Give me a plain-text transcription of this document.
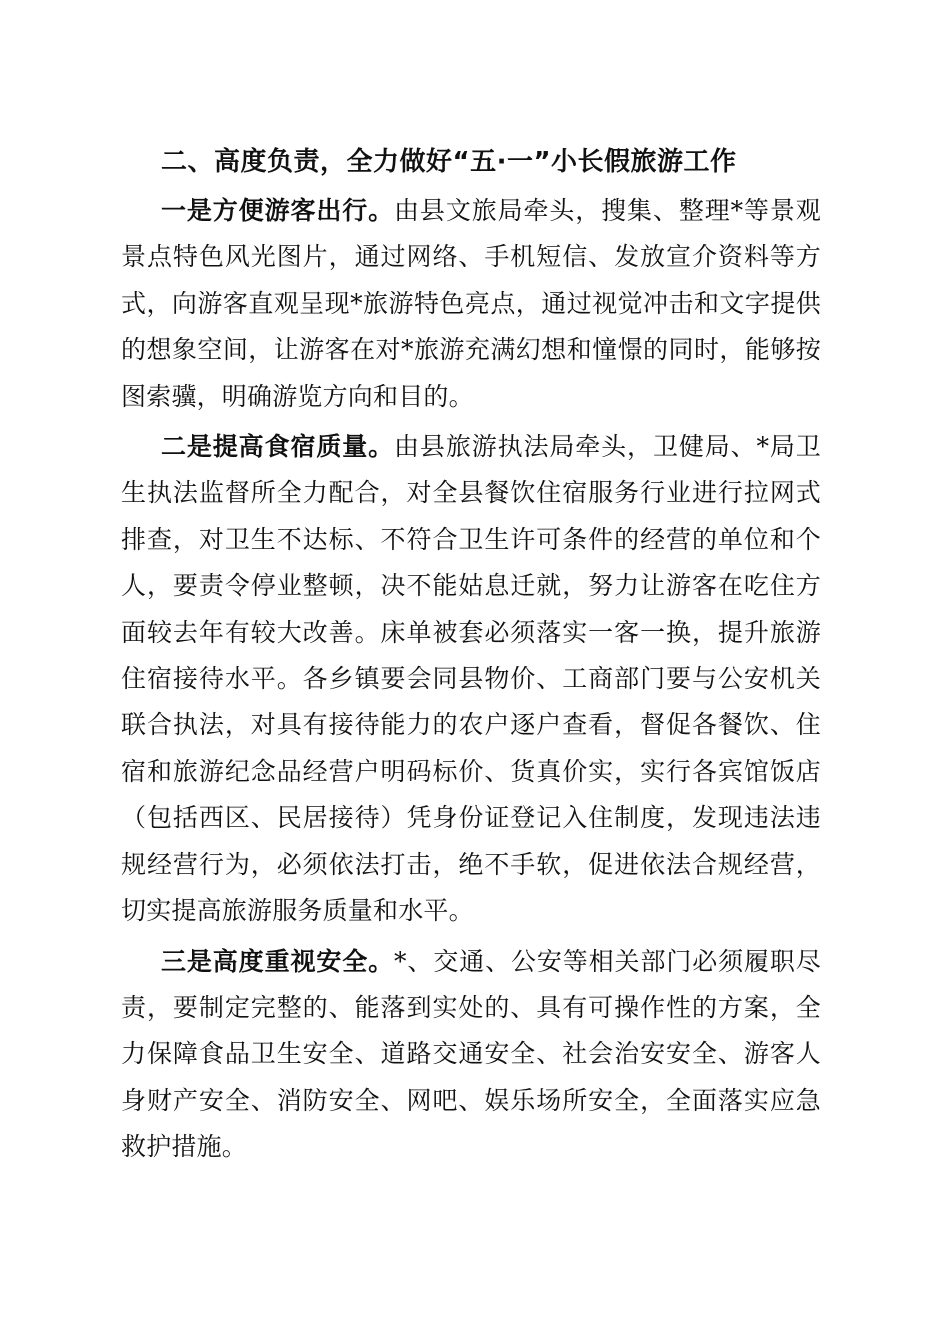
二、高度负责，全力做好“五·一”小长假旅游工作

一是方便游客出行。由县文旅局牵头，搜集、整理*等景观景点特色风光图片，通过网络、手机短信、发放宣介资料等方式，向游客直观呈现*旅游特色亮点，通过视觉冲击和文字提供的想象空间，让游客在对*旅游充满幻想和憧憬的同时，能够按图索骥，明确游览方向和目的。

二是提高食宿质量。由县旅游执法局牵头，卫健局、*局卫生执法监督所全力配合，对全县餐饮住宿服务行业进行拉网式排查，对卫生不达标、不符合卫生许可条件的经营的单位和个人，要责令停业整顿，决不能姑息迁就，努力让游客在吃住方面较去年有较大改善。床单被套必须落实一客一换，提升旅游住宿接待水平。各乡镇要会同县物价、工商部门要与公安机关联合执法，对具有接待能力的农户逐户查看，督促各餐饮、住宿和旅游纪念品经营户明码标价、货真价实，实行各宾馆饭店（包括西区、民居接待）凭身份证登记入住制度，发现违法违规经营行为，必须依法打击，绝不手软，促进依法合规经营，切实提高旅游服务质量和水平。

三是高度重视安全。*、交通、公安等相关部门必须履职尽责，要制定完整的、能落到实处的、具有可操作性的方案，全力保障食品卫生安全、道路交通安全、社会治安安全、游客人身财产安全、消防安全、网吧、娱乐场所安全，全面落实应急救护措施。
